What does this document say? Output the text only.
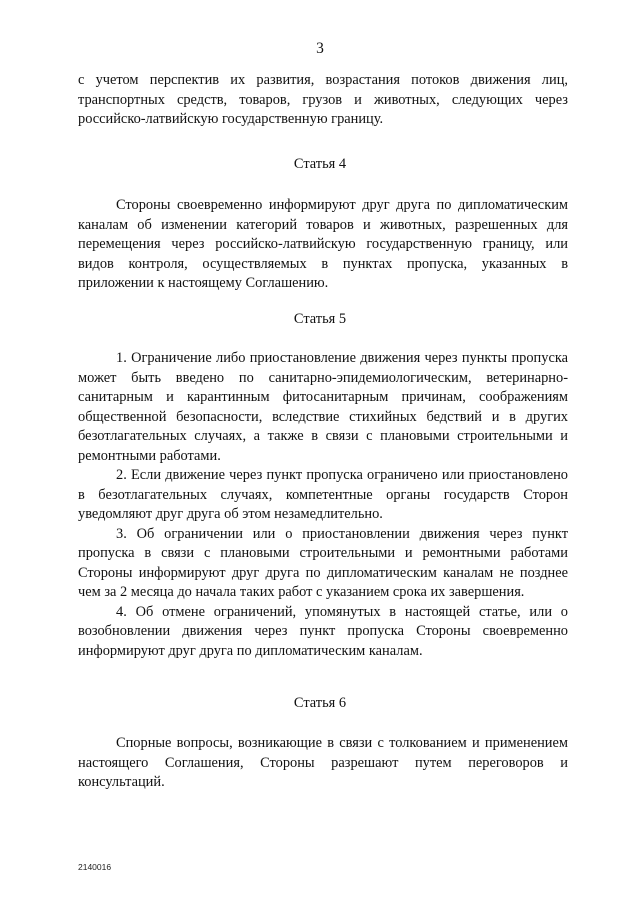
3

с учетом перспектив их развития, возрастания потоков движения лиц, транспортных средств, товаров, грузов и животных, следующих через российско-латвийскую государственную границу.

Статья 4

Стороны своевременно информируют друг друга по дипломатическим каналам об изменении категорий товаров и животных, разрешенных для перемещения через российско-латвийскую государственную границу, или видов контроля, осуществляемых в пунктах пропуска, указанных в приложении к настоящему Соглашению.

Статья 5

1. Ограничение либо приостановление движения через пункты пропуска может быть введено по санитарно-эпидемиологическим, ветеринарно-санитарным и карантинным фитосанитарным причинам, соображениям общественной безопасности, вследствие стихийных бедствий и в других безотлагательных случаях, а также в связи с плановыми строительными и ремонтными работами.

2. Если движение через пункт пропуска ограничено или приостановлено в безотлагательных случаях, компетентные органы государств Сторон уведомляют друг друга об этом незамедлительно.

3. Об ограничении или о приостановлении движения через пункт пропуска в связи с плановыми строительными и ремонтными работами Стороны информируют друг друга по дипломатическим каналам не позднее чем за 2 месяца до начала таких работ с указанием срока их завершения.

4. Об отмене ограничений, упомянутых в настоящей статье, или о возобновлении движения через пункт пропуска Стороны своевременно информируют друг друга по дипломатическим каналам.

Статья 6

Спорные вопросы, возникающие в связи с толкованием и применением настоящего Соглашения, Стороны разрешают путем переговоров и консультаций.

2140016
